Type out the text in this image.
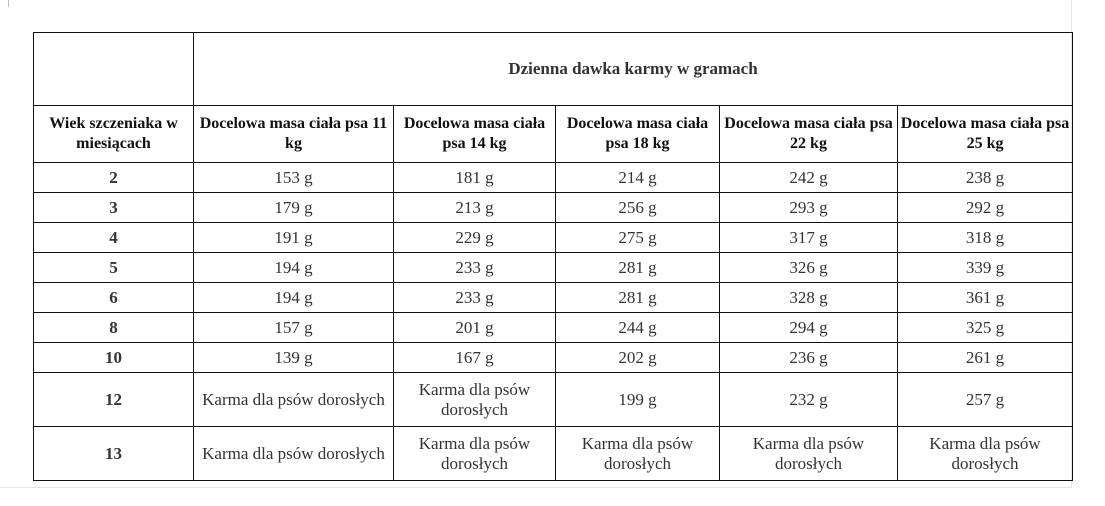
	Dzienna dawka karmy w gramach				
Wiek szczeniaka w miesiącach	Docelowa masa ciała psa 11 kg	Docelowa masa ciała psa 14 kg	Docelowa masa ciała psa 18 kg	Docelowa masa ciała psa 22 kg	Docelowa masa ciała psa 25 kg
2	153 g	181 g	214 g	242 g	238 g
3	179 g	213 g	256 g	293 g	292 g
4	191 g	229 g	275 g	317 g	318 g
5	194 g	233 g	281 g	326 g	339 g
6	194 g	233 g	281 g	328 g	361 g
8	157 g	201 g	244 g	294 g	325 g
10	139 g	167 g	202 g	236 g	261 g
12	Karma dla psów dorosłych	Karma dla psów dorosłych	199 g	232 g	257 g
13	Karma dla psów dorosłych	Karma dla psów dorosłych	Karma dla psów dorosłych	Karma dla psów dorosłych	Karma dla psów dorosłych
